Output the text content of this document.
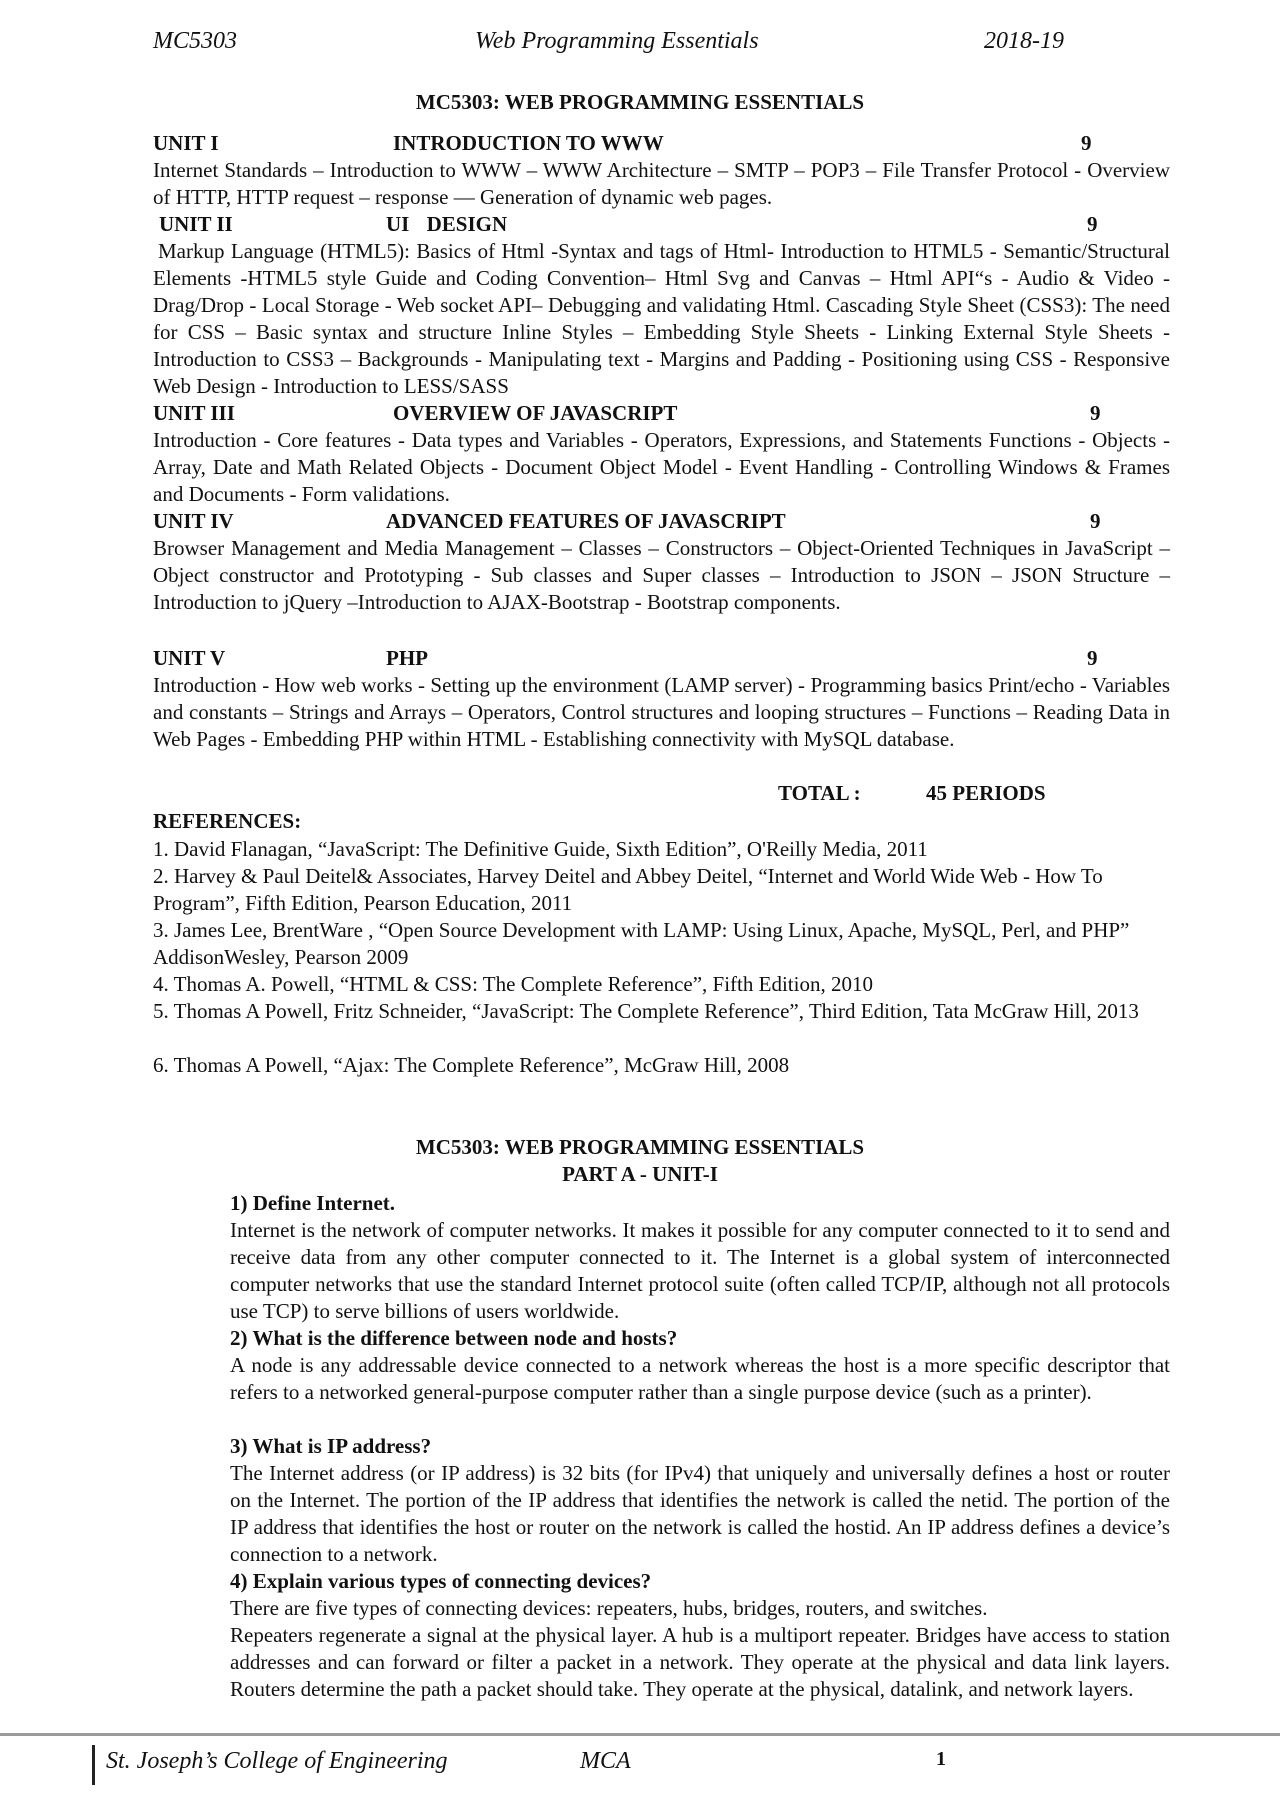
MC5303	Web Programming Essentials	2018-19
MC5303: WEB PROGRAMMING ESSENTIALS
UNIT I	INTRODUCTION TO WWW	9
Internet Standards – Introduction to WWW – WWW Architecture – SMTP – POP3 – File Transfer Protocol - Overview of HTTP, HTTP request – response –– Generation of dynamic web pages.
UNIT II	UI DESIGN	9
Markup Language (HTML5): Basics of Html -Syntax and tags of Html- Introduction to HTML5 - Semantic/Structural Elements -HTML5 style Guide and Coding Convention– Html Svg and Canvas – Html API“s - Audio & Video - Drag/Drop - Local Storage - Web socket API– Debugging and validating Html. Cascading Style Sheet (CSS3): The need for CSS – Basic syntax and structure Inline Styles – Embedding Style Sheets - Linking External Style Sheets - Introduction to CSS3 – Backgrounds - Manipulating text - Margins and Padding - Positioning using CSS - Responsive Web Design - Introduction to LESS/SASS
UNIT III	OVERVIEW OF JAVASCRIPT	9
Introduction - Core features - Data types and Variables - Operators, Expressions, and Statements Functions - Objects - Array, Date and Math Related Objects - Document Object Model - Event Handling - Controlling Windows & Frames and Documents - Form validations.
UNIT IV	ADVANCED FEATURES OF JAVASCRIPT	9
Browser Management and Media Management – Classes – Constructors – Object-Oriented Techniques in JavaScript – Object constructor and Prototyping - Sub classes and Super classes – Introduction to JSON – JSON Structure –Introduction to jQuery –Introduction to AJAX-Bootstrap - Bootstrap components.
UNIT V	PHP	9
Introduction - How web works - Setting up the environment (LAMP server) - Programming basics Print/echo - Variables and constants – Strings and Arrays – Operators, Control structures and looping structures – Functions – Reading Data in Web Pages - Embedding PHP within HTML - Establishing connectivity with MySQL database.
TOTAL :	45 PERIODS
REFERENCES:
1. David Flanagan, “JavaScript: The Definitive Guide, Sixth Edition”, O'Reilly Media, 2011
2. Harvey & Paul Deitel& Associates, Harvey Deitel and Abbey Deitel, “Internet and World Wide Web - How To Program”, Fifth Edition, Pearson Education, 2011
3. James Lee, BrentWare , “Open Source Development with LAMP: Using Linux, Apache, MySQL, Perl, and PHP” AddisonWesley, Pearson 2009
4. Thomas A. Powell, “HTML & CSS: The Complete Reference”, Fifth Edition, 2010
5. Thomas A Powell, Fritz Schneider, “JavaScript: The Complete Reference”, Third Edition, Tata McGraw Hill, 2013
6. Thomas A Powell, “Ajax: The Complete Reference”, McGraw Hill, 2008
MC5303: WEB PROGRAMMING ESSENTIALS
PART A - UNIT-I
1) Define Internet.
Internet is the network of computer networks. It makes it possible for any computer connected to it to send and receive data from any other computer connected to it. The Internet is a global system of interconnected computer networks that use the standard Internet protocol suite (often called TCP/IP, although not all protocols use TCP) to serve billions of users worldwide.
2) What is the difference between node and hosts?
A node is any addressable device connected to a network whereas the host is a more specific descriptor that refers to a networked general-purpose computer rather than a single purpose device (such as a printer).
3) What is IP address?
The Internet address (or IP address) is 32 bits (for IPv4) that uniquely and universally defines a host or router on the Internet. The portion of the IP address that identifies the network is called the netid. The portion of the IP address that identifies the host or router on the network is called the hostid. An IP address defines a device’s connection to a network.
4) Explain various types of connecting devices?
There are five types of connecting devices: repeaters, hubs, bridges, routers, and switches.
Repeaters regenerate a signal at the physical layer. A hub is a multiport repeater. Bridges have access to station addresses and can forward or filter a packet in a network. They operate at the physical and data link layers. Routers determine the path a packet should take. They operate at the physical, datalink, and network layers.
St. Joseph’s College of Engineering	MCA	1
